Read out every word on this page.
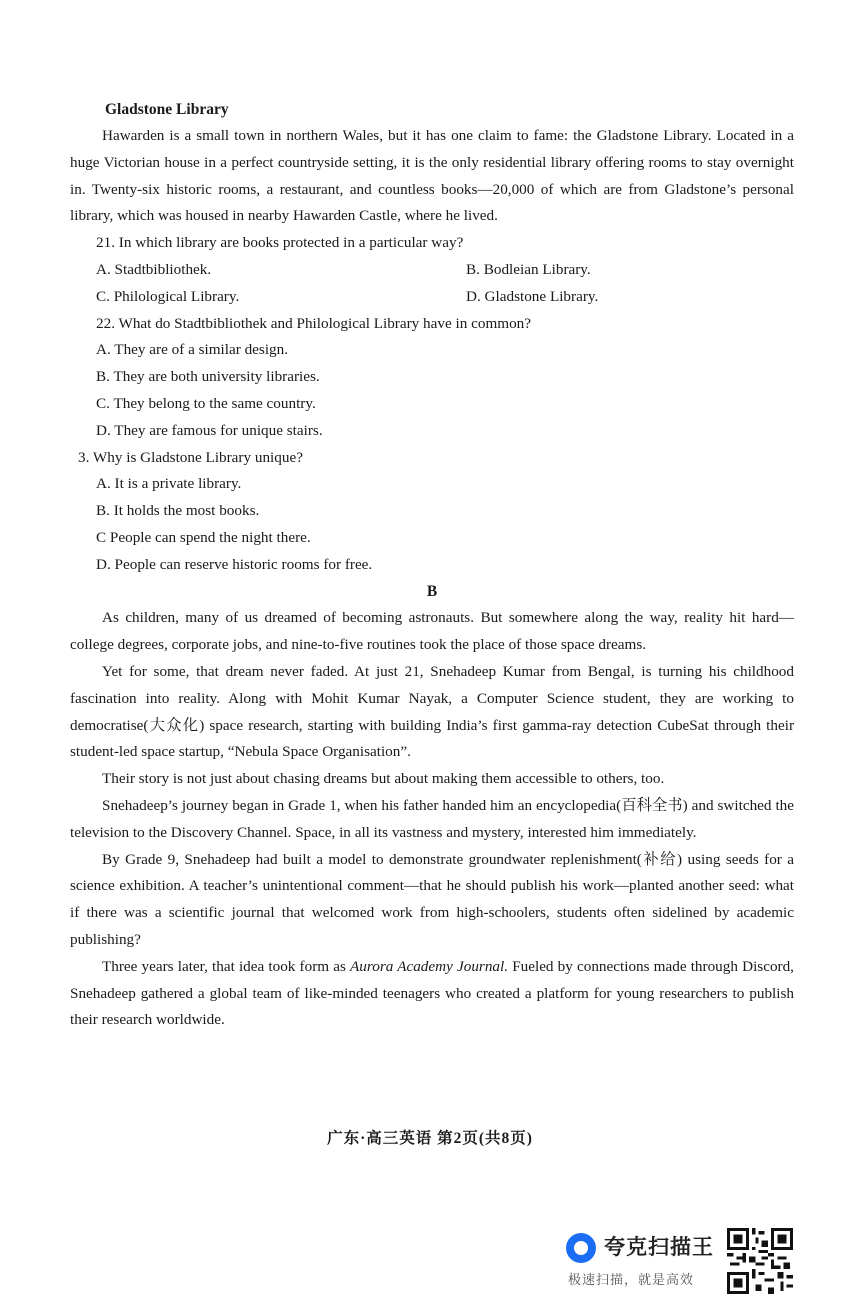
Gladstone Library

Hawarden is a small town in northern Wales, but it has one claim to fame: the Gladstone Library. Located in a huge Victorian house in a perfect countryside setting, it is the only residential library offering rooms to stay overnight in. Twenty-six historic rooms, a restaurant, and countless books—20,000 of which are from Gladstone’s personal library, which was housed in nearby Hawarden Castle, where he lived.

21. In which library are books protected in a particular way?

A. Stadtbibliothek.	B. Bodleian Library.
C. Philological Library.	D. Gladstone Library.

22. What do Stadtbibliothek and Philological Library have in common?

A. They are of a similar design.

B. They are both university libraries.

C. They belong to the same country.

D. They are famous for unique stairs.

3. Why is Gladstone Library unique?

A. It is a private library.

B. It holds the most books.

C People can spend the night there.

D. People can reserve historic rooms for free.

B

As children, many of us dreamed of becoming astronauts. But somewhere along the way, reality hit hard—college degrees, corporate jobs, and nine-to-five routines took the place of those space dreams.

Yet for some, that dream never faded. At just 21, Snehadeep Kumar from Bengal, is turning his childhood fascination into reality. Along with Mohit Kumar Nayak, a Computer Science student, they are working to democratise(大众化) space research, starting with building India’s first gamma-ray detection CubeSat through their student-led space startup, “Nebula Space Organisation”.

Their story is not just about chasing dreams but about making them accessible to others, too.

Snehadeep’s journey began in Grade 1, when his father handed him an encyclopedia(百科全书) and switched the television to the Discovery Channel. Space, in all its vastness and mystery, interested him immediately.

By Grade 9, Snehadeep had built a model to demonstrate groundwater replenishment(补给) using seeds for a science exhibition. A teacher’s unintentional comment—that he should publish his work—planted another seed: what if there was a scientific journal that welcomed work from high-schoolers, students often sidelined by academic publishing?

Three years later, that idea took form as Aurora Academy Journal. Fueled by connections made through Discord, Snehadeep gathered a global team of like-minded teenagers who created a platform for young researchers to publish their research worldwide.

广东·高三英语 第2页(共8页)
夸克扫描王
极速扫描，就是高效
